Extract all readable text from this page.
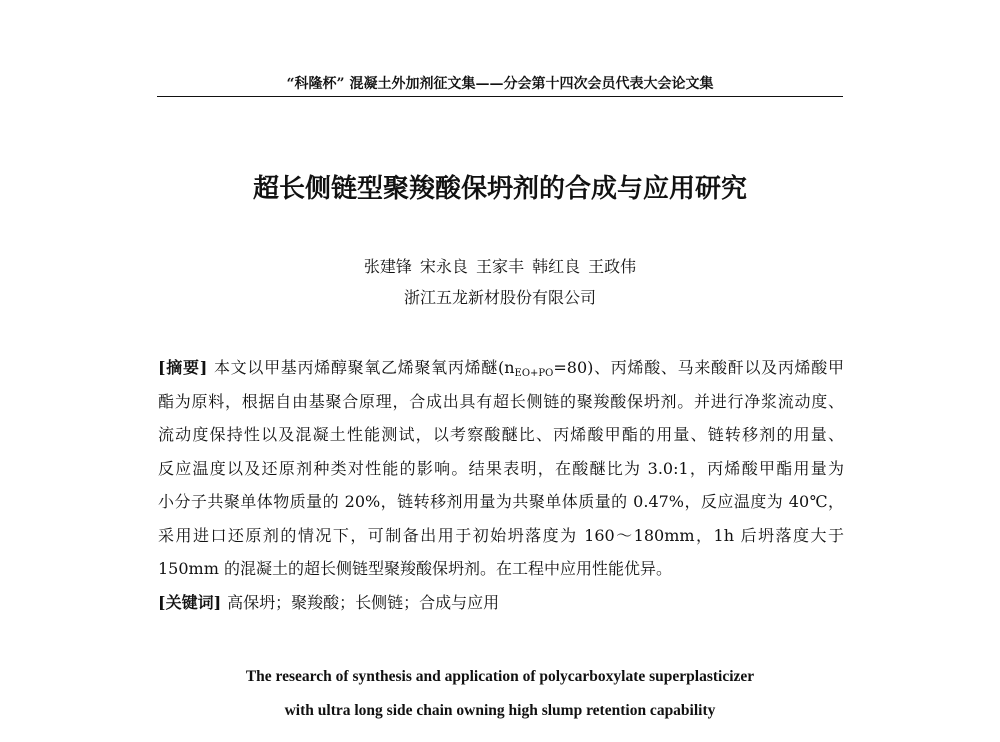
“科隆杯” 混凝土外加剂征文集——分会第十四次会员代表大会论文集
超长侧链型聚羧酸保坍剂的合成与应用研究
张建锋 宋永良 王家丰 韩红良 王政伟
浙江五龙新材股份有限公司
[摘要] 本文以甲基丙烯醇聚氧乙烯聚氧丙烯醚$(n_{EO+PO}=80)$、丙烯酸、马来酸酐以及丙烯酸甲
酯为原料，根据自由基聚合原理，合成出具有超长侧链的聚羧酸保坍剂。并进行净浆流动度、
流动度保持性以及混凝土性能测试，以考察酸醚比、丙烯酸甲酯的用量、链转移剂的用量、
反应温度以及还原剂种类对性能的影响。结果表明，在酸醚比为 3.0:1，丙烯酸甲酯用量为
小分子共聚单体物质量的 20%，链转移剂用量为共聚单体质量的 0.47%，反应温度为 40℃，
采用进口还原剂的情况下，可制备出用于初始坍落度为 160～180mm，1h 后坍落度大于
150mm 的混凝土的超长侧链型聚羧酸保坍剂。在工程中应用性能优异。
[关键词] 高保坍；聚羧酸；长侧链；合成与应用
The research of synthesis and application of polycarboxylate superplasticizer
with ultra long side chain owning high slump retention capability
